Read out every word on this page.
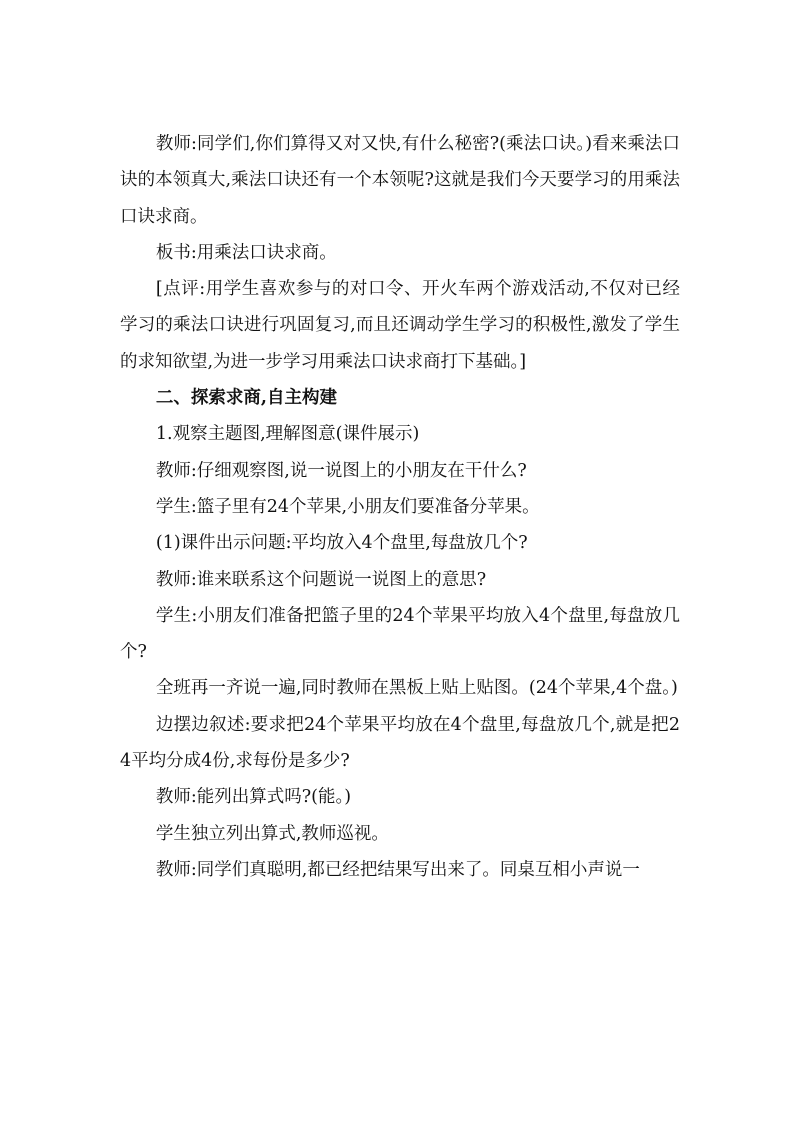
教师:同学们,你们算得又对又快,有什么秘密?(乘法口诀。)看来乘法口诀的本领真大,乘法口诀还有一个本领呢?这就是我们今天要学习的用乘法口诀求商。

板书:用乘法口诀求商。

[点评:用学生喜欢参与的对口令、开火车两个游戏活动,不仅对已经学习的乘法口诀进行巩固复习,而且还调动学生学习的积极性,激发了学生的求知欲望,为进一步学习用乘法口诀求商打下基础。]

二、探索求商,自主构建

1.观察主题图,理解图意(课件展示)

教师:仔细观察图,说一说图上的小朋友在干什么?

学生:篮子里有24个苹果,小朋友们要准备分苹果。

(1)课件出示问题:平均放入4个盘里,每盘放几个?

教师:谁来联系这个问题说一说图上的意思?

学生:小朋友们准备把篮子里的24个苹果平均放入4个盘里,每盘放几个?

全班再一齐说一遍,同时教师在黑板上贴上贴图。(24个苹果,4个盘。)

边摆边叙述:要求把24个苹果平均放在4个盘里,每盘放几个,就是把24平均分成4份,求每份是多少?

教师:能列出算式吗?(能。)

学生独立列出算式,教师巡视。

教师:同学们真聪明,都已经把结果写出来了。同桌互相小声说一
